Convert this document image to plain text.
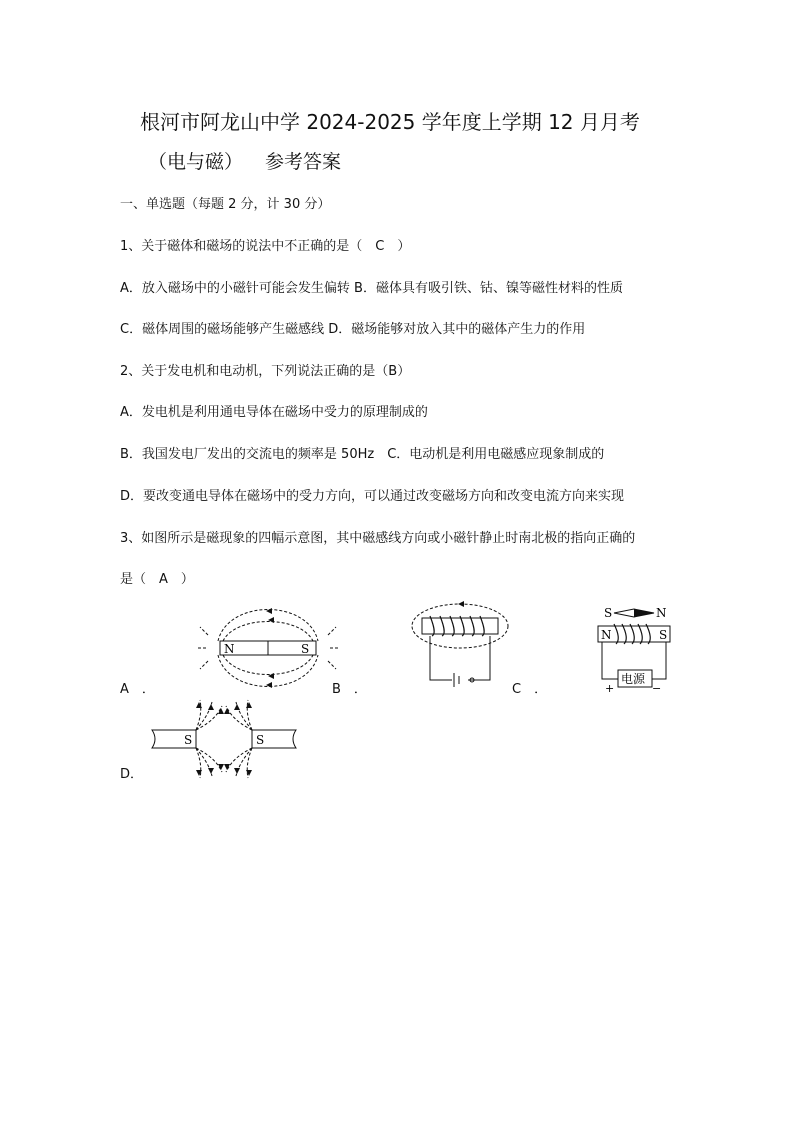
根河市阿龙山中学 2024-2025 学年度上学期 12 月月考
（电与磁） 参考答案
一、单选题（每题 2 分，计 30 分）
1、关于磁体和磁场的说法中不正确的是（　C　）
A．放入磁场中的小磁针可能会发生偏转 B．磁体具有吸引铁、钴、镍等磁性材料的性质
C．磁体周围的磁场能够产生磁感线 D．磁场能够对放入其中的磁体产生力的作用
2、关于发电机和电动机，下列说法正确的是（B）
A．发电机是利用通电导体在磁场中受力的原理制成的
B．我国发电厂发出的交流电的频率是 50Hz　C．电动机是利用电磁感应现象制成的
D．要改变通电导体在磁场中的受力方向，可以通过改变磁场方向和改变电流方向来实现
3、如图所示是磁现象的四幅示意图，其中磁感线方向或小磁针静止时南北极的指向正确的
是（　A　）
A　．	B　．	C　．
D．
N	S
S	N
N	S
电源
+	−
S	S
